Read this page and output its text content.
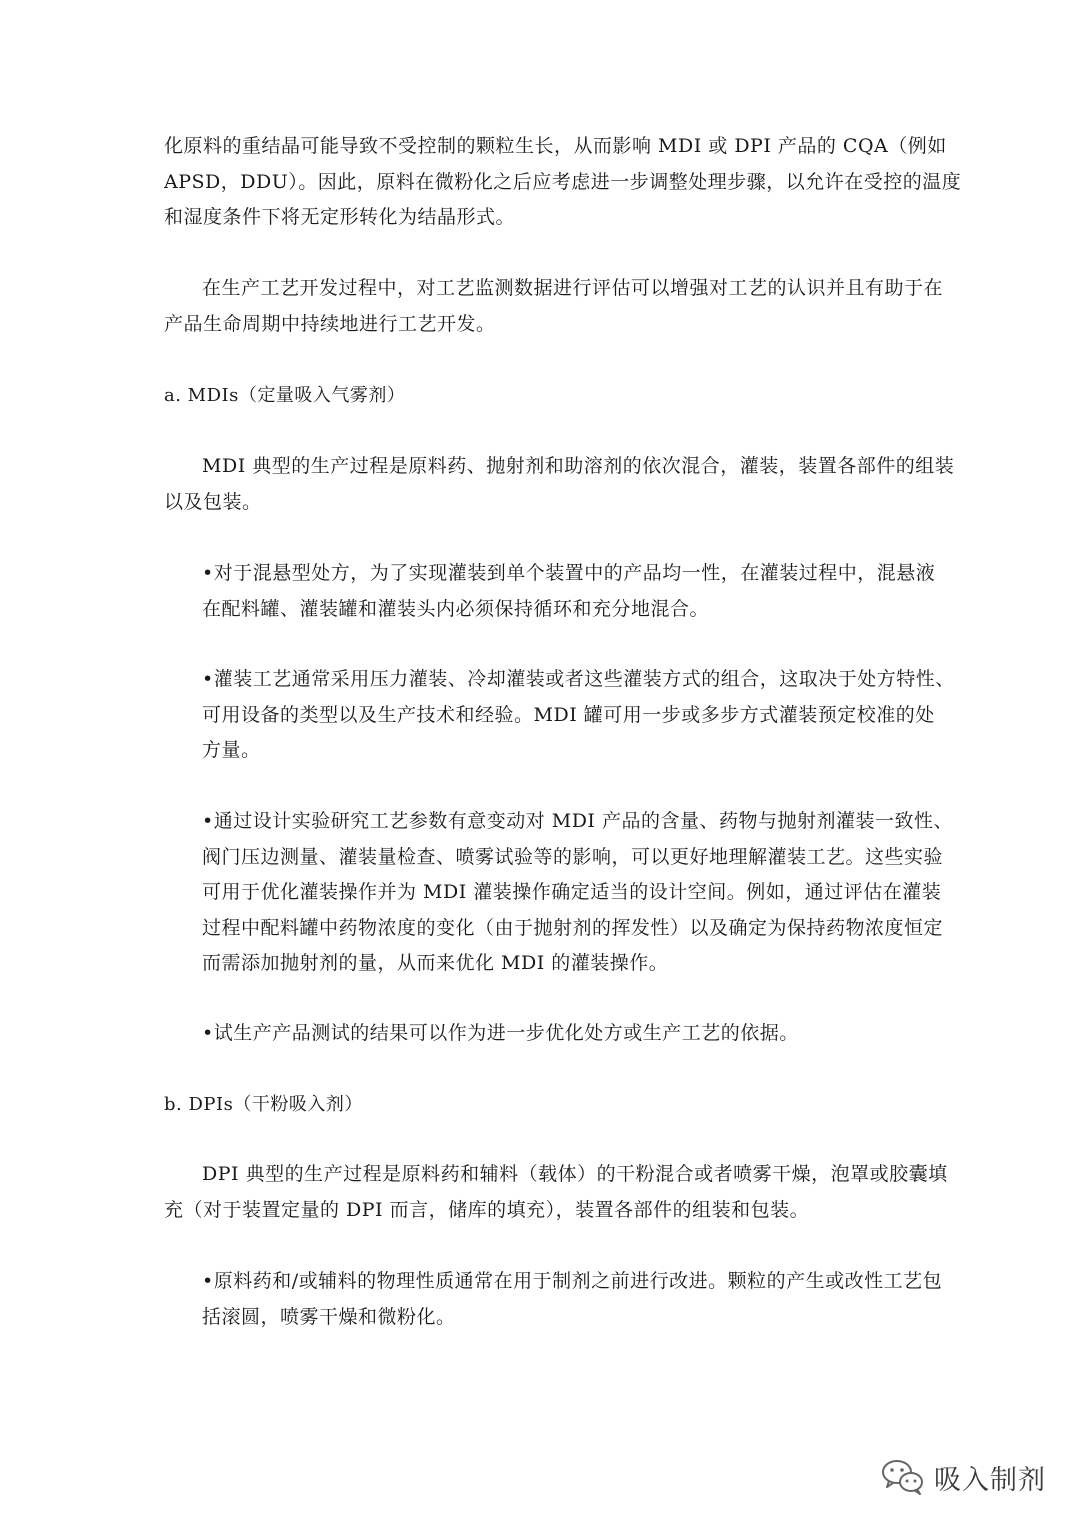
化原料的重结晶可能导致不受控制的颗粒生长，从而影响 MDI 或 DPI 产品的 CQA（例如
APSD，DDU）。因此，原料在微粉化之后应考虑进一步调整处理步骤，以允许在受控的温度
和湿度条件下将无定形转化为结晶形式。

在生产工艺开发过程中，对工艺监测数据进行评估可以增强对工艺的认识并且有助于在
产品生命周期中持续地进行工艺开发。

a. MDIs（定量吸入气雾剂）

MDI 典型的生产过程是原料药、抛射剂和助溶剂的依次混合，灌装，装置各部件的组装
以及包装。

•对于混悬型处方，为了实现灌装到单个装置中的产品均一性，在灌装过程中，混悬液
在配料罐、灌装罐和灌装头内必须保持循环和充分地混合。

•灌装工艺通常采用压力灌装、冷却灌装或者这些灌装方式的组合，这取决于处方特性、
可用设备的类型以及生产技术和经验。MDI 罐可用一步或多步方式灌装预定校准的处
方量。

•通过设计实验研究工艺参数有意变动对 MDI 产品的含量、药物与抛射剂灌装一致性、
阀门压边测量、灌装量检查、喷雾试验等的影响，可以更好地理解灌装工艺。这些实验
可用于优化灌装操作并为 MDI 灌装操作确定适当的设计空间。例如，通过评估在灌装
过程中配料罐中药物浓度的变化（由于抛射剂的挥发性）以及确定为保持药物浓度恒定
而需添加抛射剂的量，从而来优化 MDI 的灌装操作。

•试生产产品测试的结果可以作为进一步优化处方或生产工艺的依据。

b. DPIs（干粉吸入剂）

DPI 典型的生产过程是原料药和辅料（载体）的干粉混合或者喷雾干燥，泡罩或胶囊填
充（对于装置定量的 DPI 而言，储库的填充），装置各部件的组装和包装。

•原料药和/或辅料的物理性质通常在用于制剂之前进行改进。颗粒的产生或改性工艺包
括滚圆，喷雾干燥和微粉化。

吸入制剂
